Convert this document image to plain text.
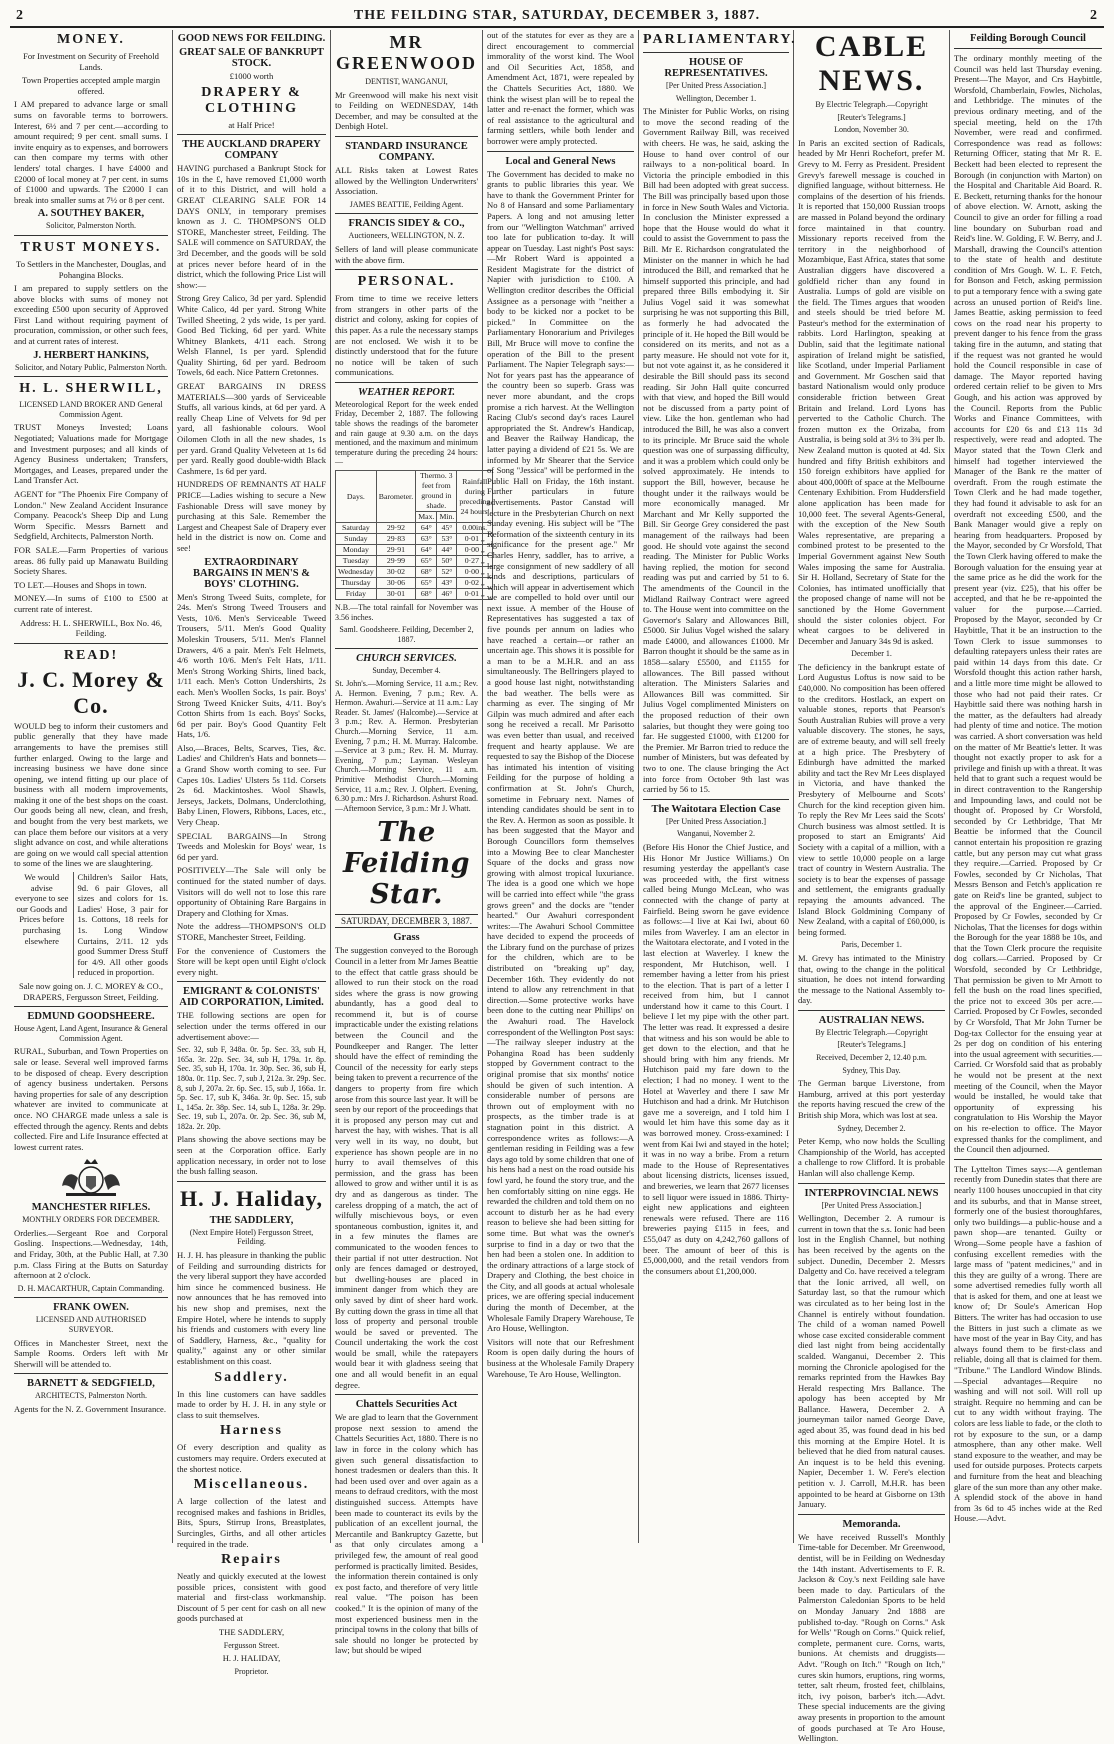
2	THE FEILDING STAR, SATURDAY, DECEMBER 3, 1887.	2
MONEY.

For Investment on Security of Freehold Lands.

Town Properties accepted ample margin offered.

I AM prepared to advance large or small sums on favorable terms to borrowers. Interest, 6½ and 7 per cent.—according to amount required; 9 per cent. small sums. I invite enquiry as to expenses, and borrowers can then compare my terms with other lenders' total charges. I have £4000 and £2000 of local money at 7 per cent. in sums of £1000 and upwards. The £2000 I can break into smaller sums at 7½ or 8 per cent.

A. SOUTHEY BAKER,

Solicitor, Palmerston North.

TRUST MONEYS.

To Settlers in the Manchester, Douglas, and Pohangina Blocks.

I am prepared to supply settlers on the above blocks with sums of money not exceeding £500 upon security of Approved First Land without requiring payment of procuration, commission, or other such fees, and at current rates of interest.

J. HERBERT HANKINS,

Solicitor, and Notary Public, Palmerston North.

H. L. SHERWILL,

LICENSED LAND BROKER AND General Commission Agent.

TRUST Moneys Invested; Loans Negotiated; Valuations made for Mortgage and Investment purposes; and all kinds of Agency Business undertaken; Transfers, Mortgages, and Leases, prepared under the Land Transfer Act.

AGENT for "The Phoenix Fire Company of London." New Zealand Accident Insurance Company. Peacock's Sheep Dip and Lung Worm Specific. Messrs Barnett and Sedgfield, Architects, Palmerston North.

FOR SALE.—Farm Properties of various areas. 86 fully paid up Manawatu Building Society Shares.

TO LET.—Houses and Shops in town.

MONEY.—In sums of £100 to £500 at current rate of interest.

Address: H. L. SHERWILL, Box No. 46, Feilding.

READ!
J. C. Morey & Co.

WOULD beg to inform their customers and public generally that they have made arrangements to have the premises still further enlarged. Owing to the large and increasing business we have done since opening, we intend fitting up our place of business with all modern improvements, making it one of the best shops on the coast. Our goods being all new, clean, and fresh, and bought from the very best markets, we can place them before our visitors at a very slight advance on cost, and while alterations are going on we would call special attention to some of the lines we are slaughtering.

We would advise everyone to see our Goods and Prices before purchasing elsewhere

Children's Sailor Hats, 9d. 6 pair Gloves, all sizes and colors for 1s. Ladies' Hose, 3 pair for 1s. Cottons, 18 reels for 1s. Long Window Curtains, 2/11. 12 yds good Summer Dress Stuff for 4/9. All other goods reduced in proportion.

Sale now going on. J. C. MOREY & CO., DRAPERS, Fergusson Street, Feilding.

EDMUND GOODSHEERE.

House Agent, Land Agent, Insurance & General Commission Agent.

RURAL, Suburban, and Town Properties on sale or lease. Several well improved farms to be disposed of cheap. Every description of agency business undertaken. Persons having properties for sale of any description whatever are invited to communicate at once. NO CHARGE made unless a sale is effected through the agency. Rents and debts collected. Fire and Life Insurance effected at lowest current rates.

MANCHESTER RIFLES.

MONTHLY ORDERS FOR DECEMBER.

Orderlies.—Sergeant Roe and Corporal Gosling. Inspections.—Wednesday, 14th, and Friday, 30th, at the Public Hall, at 7.30 p.m. Class Firing at the Butts on Saturday afternoon at 2 o'clock.

D. H. MACARTHUR, Captain Commanding.

FRANK OWEN.

LICENSED AND AUTHORISED SURVEYOR.

Offices in Manchester Street, next the Sample Rooms. Orders left with Mr Sherwill will be attended to.

BARNETT & SEDGFIELD,

ARCHITECTS, Palmerston North.

Agents for the N. Z. Government Insurance.

GOOD NEWS FOR FEILDING.
GREAT SALE OF BANKRUPT STOCK.

£1000 worth

DRAPERY & CLOTHING

at Half Price!

THE AUCKLAND DRAPERY COMPANY

HAVING purchased a Bankrupt Stock for 10s in the £, have removed £1,000 worth of it to this District, and will hold a GREAT CLEARING SALE FOR 14 DAYS ONLY, in temporary premises known as J. C. THOMPSON'S OLD STORE, Manchester street, Feilding. The SALE will commence on SATURDAY, the 3rd December, and the goods will be sold at prices never before heard of in the district, which the following Price List will show:—

Strong Grey Calico, 3d per yard. Splendid White Calico, 4d per yard. Strong White Twilled Sheeting, 2 yds wide, 1s per yard. Good Bed Ticking, 6d per yard. White Whitney Blankets, 4/11 each. Strong Welsh Flannel, 1s per yard. Splendid Quality Shirting, 6d per yard. Bedroom Towels, 6d each. Nice Pattern Cretonnes.

GREAT BARGAINS IN DRESS MATERIALS—300 yards of Serviceable Stuffs, all various kinds, at 6d per yard. A really Cheap Line of Velvets for 9d per yard, all fashionable colours. Wool Oilomen Cloth in all the new shades, 1s per yard. Grand Quality Velveteen at 1s 6d per yard. Really good double-width Black Cashmere, 1s 6d per yard.

HUNDREDS OF REMNANTS AT HALF PRICE—Ladies wishing to secure a New Fashionable Dress will save money by purchasing at this Sale. Remember the Largest and Cheapest Sale of Drapery ever held in the district is now on. Come and see!

EXTRAORDINARY BARGAINS IN MEN'S & BOYS' CLOTHING.

Men's Strong Tweed Suits, complete, for 24s. Men's Strong Tweed Trousers and Vests, 10/6. Men's Serviceable Tweed Trousers, 5/11. Men's Good Quality Moleskin Trousers, 5/11. Men's Flannel Drawers, 4/6 a pair. Men's Felt Helmets, 4/6 worth 10/6. Men's Felt Hats, 1/11. Men's Strong Working Shirts, lined back, 1/11 each. Men's Cotton Undershirts, 2s each. Men's Woollen Socks, 1s pair. Boys' Strong Tweed Knicker Suits, 4/11. Boy's Cotton Shirts from 1s each. Boys' Socks, 6d per pair. Boy's Good Quantity Felt Hats, 1/6.

Also,—Braces, Belts, Scarves, Ties, &c. Ladies' and Children's Hats and bonnets—a Grand Show worth coming to see. Fur Capes 10s. Ladies' Ulsters 5s 11d. Corsets 2s 6d. Mackintoshes. Wool Shawls, Jerseys, Jackets, Dolmans, Underclothing, Baby Linen, Flowers, Ribbons, Laces, etc., Very Cheap.

SPECIAL BARGAINS—In Strong Tweeds and Moleskin for Boys' wear, 1s 6d per yard.

POSITIVELY—The Sale will only be continued for the stated number of days. Visitors will do well not to lose this rare opportunity of Obtaining Rare Bargains in Drapery and Clothing for Xmas.

Note the address—THOMPSON'S OLD STORE, Manchester Street, Feilding.

For the convenience of Customers the Store will be kept open until Eight o'clock every night.

EMIGRANT & COLONISTS' AID CORPORATION, Limited.

THE following sections are open for selection under the terms offered in our advertisement above:—

Sec. 32, sub F, 348a. 0r. 5p. Sec. 33, sub H, 165a. 3r. 22p. Sec. 34, sub H, 179a. 1r. 8p. Sec. 35, sub H, 170a. 1r. 30p. Sec. 36, sub H, 180a. 0r. 11p. Sec. 7, sub J, 212a. 3r. 29p. Sec. 8, sub J, 207a. 2r. 6p. Sec. 15, sub J, 166a. 1r. 5p. Sec. 17, sub K, 346a. 3r. 0p. Sec. 15, sub L, 145a. 2r. 38p. Sec. 14, sub L, 128a. 3r. 29p. Sec. 19, sub L, 207a. 0r. 2p. Sec. 36, sub M, 182a. 2r. 20p.

Plans showing the above sections may be seen at the Corporation office. Early application necessary, in order not to lose the bush falling season.

H. J. Haliday,
THE SADDLERY,

(Next Empire Hotel) Fergusson Street, Feilding.

H. J. H. has pleasure in thanking the public of Feilding and surrounding districts for the very liberal support they have accorded him since he commenced business. He now announces that he has removed into his new shop and premises, next the Empire Hotel, where he intends to supply his friends and customers with every line of Saddlery, Harness, &c., "quality for quality," against any or other similar establishment on this coast.

Saddlery.

In this line customers can have saddles made to order by H. J. H. in any style or class to suit themselves.

Harness

Of every description and quality as customers may require. Orders executed at the shortest notice.

Miscellaneous.

A large collection of the latest and recognised makes and fashions in Bridles, Bits, Spurs, Stirrup Irons, Breastplates, Surcingles, Girths, and all other articles required in the trade.

Repairs

Neatly and quickly executed at the lowest possible prices, consistent with good material and first-class workmanship. Discount of 5 per cent for cash on all new goods purchased at

THE SADDLERY,

Fergusson Street.

H. J. HALIDAY,

Proprietor.

MR GREENWOOD

DENTIST, WANGANUI,

Mr Greenwood will make his next visit to Feilding on WEDNESDAY, 14th December, and may be consulted at the Denbigh Hotel.

STANDARD INSURANCE COMPANY.

ALL Risks taken at Lowest Rates allowed by the Wellington Underwriters' Association.

JAMES BEATTIE, Feilding Agent.

FRANCIS SIDEY & CO.,

Auctioneers, WELLINGTON, N. Z.

Sellers of land will please communicate with the above firm.

PERSONAL.

From time to time we receive letters from strangers in other parts of the district and colony, asking for copies of this paper. As a rule the necessary stamps are not enclosed. We wish it to be distinctly understood that for the future no notice will be taken of such communications.

WEATHER REPORT.

Meteorological Report for the week ended Friday, December 2, 1887. The following table shows the readings of the barometer and rain gauge at 9.30 a.m. on the days mentioned, and the maximum and minimum temperature during the preceding 24 hours:—

Days.	Barometer.	Thermo. 3 feet from ground in shade.		Rainfall during preceding 24 hours'
		Max.	Min.	
Saturday	29·92	64°	45°	0.00ins.
Sunday	29·83	63°	53°	0·01 ,,
Monday	29·91	64°	44°	0·00 ,,
Tuesday	29·99	65°	50°	0·27 ,,
Wednesday	30·02	68°	52°	0·00 ,,
Thursday	30·06	65°	43°	0·02 ,,
Friday	30·01	68°	46°	0·01 ,,

N.B.—The total rainfall for November was 3.56 inches.

Saml. Goodsheere. Feilding, December 2, 1887.

CHURCH SERVICES.

Sunday, December 4.

St. John's.—Morning Service, 11 a.m.; Rev. A. Hermon. Evening, 7 p.m.; Rev. A. Hermon. Awahuri.—Service at 11 a.m.: Lay Reader. St. James' (Halcombe).—Service at 3 p.m.; Rev. A. Hermon. Presbyterian Church.—Morning Service, 11 a.m. Evening, 7 p.m.; H. M. Murray. Halcombe.—Service at 3 p.m.; Rev. H. M. Murray. Evening, 7 p.m.; Layman. Wesleyan Church.—Morning Service, 11 a.m. Primitive Methodist Church.—Morning Service, 11 a.m.; Rev. J. Olphert. Evening, 6.30 p.m.: Mrs J. Richardson. Ashurst Road.—Afternoon Service, 3 p.m.: Mr J. Whatt.

The Feilding Star.
SATURDAY, DECEMBER 3, 1887.
Grass

The suggestion conveyed to the Borough Council in a letter from Mr James Beattie to the effect that cattle grass should be allowed to run their stock on the road sides where the grass is now growing abundantly, has a good deal to recommend it, but is of course impracticable under the existing relations between the Council and the Poundkeeper and Ranger. The letter should have the effect of reminding the Council of the necessity for early steps being taken to prevent a recurrence of the dangers to property from fire which arose from this source last year. It will be seen by our report of the proceedings that it is proposed any person may cut and harvest the hay, with wishes. That is all very well in its way, no doubt, but experience has shown people are in no hurry to avail themselves of this permission, and the grass has been allowed to grow and wither until it is as dry and as dangerous as tinder. The careless dropping of a match, the act of wilfully mischievous boys, or even spontaneous combustion, ignites it, and in a few minutes the flames are communicated to the wooden fences to their partial if not utter destruction. Not only are fences damaged or destroyed, but dwelling-houses are placed in imminent danger from which they are only saved by dint of sheer hard work. By cutting down the grass in time all that loss of property and personal trouble would be saved or prevented. The Council undertaking the work the cost would be small, while the ratepayers would bear it with gladness seeing that one and all would benefit in an equal degree.

Chattels Securities Act

We are glad to learn that the Government propose next session to amend the Chattels Securities Act, 1880. There is no law in force in the colony which has given such general dissatisfaction to honest tradesmen or dealers than this. It had been used over and over again as a means to defraud creditors, with the most distinguished success. Attempts have been made to counteract its evils by the publication of an excellent journal, the Mercantile and Bankruptcy Gazette, but as that only circulates among a privileged few, the amount of real good performed is practically limited. Besides, the information therein contained is only ex post facto, and therefore of very little real value. "The poison has been cooked." It is the opinion of many of the most experienced business men in the principal towns in the colony that bills of sale should no longer be protected by law; but should be wiped

out of the statutes for ever as they are a direct encouragement to commercial immorality of the worst kind. The Wool and Oil Securities Act, 1858, and Amendment Act, 1871, were repealed by the Chattels Securities Act, 1880. We think the wisest plan will be to repeal the latter and re-enact the former, which was of real assistance to the agricultural and farming settlers, while both lender and borrower were amply protected.

Local and General News

The Government has decided to make no grants to public libraries this year. We have to thank the Government Printer for No 8 of Hansard and some Parliamentary Papers. A long and not amusing letter from our "Wellington Watchman" arrived too late for publication to-day. It will appear on Tuesday. Last night's Post says:—Mr Robert Ward is appointed a Resident Magistrate for the district of Napier with jurisdiction to £100. A Wellington creditor describes the Official Assignee as a personage with "neither a body to be kicked nor a pocket to be picked." In Committee on the Parliamentary Honorarium and Privileges Bill, Mr Bruce will move to confine the operation of the Bill to the present Parliament. The Napier Telegraph says:—Not for years past has the appearance of the country been so superb. Grass was never more abundant, and the crops promise a rich harvest. At the Wellington Racing Club's second day's races Laurel appropriated the St. Andrew's Handicap, and Beaver the Railway Handicap, the latter paying a dividend of £21 5s. We are informed by Mr Shearer that the Service of Song "Jessica" will be performed in the Public Hall on Friday, the 16th instant. Further particulars in future advertisements. Pastor Canstad will lecture in the Presbyterian Church on next Sunday evening. His subject will be "The Reformation of the sixteenth century in its significance for the present age." Mr Charles Henry, saddler, has to arrive, a large consignment of new saddlery of all kinds and descriptions, particulars of which will appear in advertisement which we are compelled to hold over until our next issue. A member of the House of Representatives has suggested a tax of five pounds per annum on ladies who have reached a certain—or rather an uncertain age. This shows it is possible for a man to be a M.H.R. and an ass simultaneously. The Bellringers played to a good house last night, notwithstanding the bad weather. The bells were as charming as ever. The singing of Mr Gilpin was much admired and after each song he received a recall. Mr Parisotto was even better than usual, and received frequent and hearty applause. We are requested to say the Bishop of the Diocese has intimated his intention of visiting Feilding for the purpose of holding a confirmation at St. John's Church, sometime in February next. Names of intending candidates should be sent in to the Rev. A. Hermon as soon as possible. It has been suggested that the Mayor and Borough Councillors form themselves into a Mowing Bee to clear Manchester Square of the docks and grass now growing with almost tropical luxuriance. The idea is a good one which we hope will be carried into effect while "the grass grows green" and the docks are "tender hearted." Our Awahuri correspondent writes:—The Awahuri School Committee have decided to expend the proceeds of the Library fund on the purchase of prizes for the children, which are to be distributed on "breaking up" day, December 16th. They evidently do not intend to allow any retrenchment in that direction.—Some protective works have been done to the cutting near Phillips' on the Awahuri road. The Havelock correspondent of the Wellington Post says:—The railway sleeper industry at the Pohangina Road has been suddenly stopped by Government contract to the original promise that six months' notice should be given of such intention. A considerable number of persons are thrown out of employment with no prospects, as the timber trade is at stagnation point in this district. A correspondence writes as follows:—A gentleman residing in Feilding was a few days ago told by some children that one of his hens had a nest on the road outside his fowl yard, he found the story true, and the hen comfortably sitting on nine eggs. He rewarded the children and told them on no account to disturb her as he had every reason to believe she had been sitting for some time. But what was the owner's surprise to find in a day or two that the hen had been a stolen one. In addition to the ordinary attractions of a large stock of Drapery and Clothing, the best choice in the City, and all goods at actual wholesale prices, we are offering special inducement during the month of December, at the Wholesale Family Drapery Warehouse, Te Aro House, Wellington.

Visitors will note that our Refreshment Room is open daily during the hours of business at the Wholesale Family Drapery Warehouse, Te Aro House, Wellington.

PARLIAMENTARY.
HOUSE OF REPRESENTATIVES.

[Per United Press Association.]

Wellington, December 1.

The Minister for Public Works, on rising to move the second reading of the Government Railway Bill, was received with cheers. He was, he said, asking the House to hand over control of our railways to a non-political board. In Victoria the principle embodied in this Bill had been adopted with great success. The Bill was principally based upon those in force in New South Wales and Victoria. In conclusion the Minister expressed a hope that the House would do what it could to assist the Government to pass the Bill. Mr E. Richardson congratulated the Minister on the manner in which he had introduced the Bill, and remarked that he himself supported this principle, and had prepared three Bills embodying it. Sir Julius Vogel said it was somewhat surprising he was not supporting this Bill, as formerly he had advocated the principle of it. He hoped the Bill would be considered on its merits, and not as a party measure. He should not vote for it, but not vote against it, as he considered it desirable the Bill should pass its second reading. Sir John Hall quite concurred with that view, and hoped the Bill would not be discussed from a party point of view. Like the hon. gentleman who had introduced the Bill, he was also a convert to its principle. Mr Bruce said the whole question was one of surpassing difficulty, and it was a problem which could only be solved approximately. He intends to support the Bill, however, because he thought under it the railways would be more economically managed. Mr Marchant and Mr Kelly supported the Bill. Sir George Grey considered the past management of the railways had been good. He should vote against the second reading. The Minister for Public Works having replied, the motion for second reading was put and carried by 51 to 6. The amendments of the Council in the Midland Railway Contract were agreed to. The House went into committee on the Governor's Salary and Allowances Bill, £5000. Sir Julius Vogel wished the salary made £4000, and allowances £1000. Mr Barron thought it should be the same as in 1858—salary £5500, and £1155 for allowances. The Bill passed without alteration. The Ministers Salaries and Allowances Bill was committed. Sir Julius Vogel complimented Ministers on the proposed reduction of their own salaries, but thought they were going too far. He suggested £1000, with £1200 for the Premier. Mr Barron tried to reduce the number of Ministers, but was defeated by two to one. The clause bringing the Act into force from October 9th last was carried by 56 to 15.

The Waitotara Election Case

[Per United Press Association.]

Wanganui, November 2.

(Before His Honor the Chief Justice, and His Honor Mr Justice Williams.) On resuming yesterday the appellant's case was proceeded with, the first witness called being Mungo McLean, who was connected with the change of party at Fairfield. Being sworn he gave evidence as follows:—I live at Kai Iwi, about 60 miles from Waverley. I am an elector in the Waitotara electorate, and I voted in the last election at Waverley. I knew the respondent, Mr Hutchison, well. I remember having a letter from his priest to the election. That is part of a letter I received from him, but I cannot understand how it came to this Court. I believe I let my pipe with the other part. The letter was read. It expressed a desire that witness and his son would be able to get down to the election, and that he should bring with him any friends. Mr Hutchison paid my fare down to the election; I had no money. I went to the Hotel at Waverley and there I saw Mr Hutchison and had a drink. Mr Hutchison gave me a sovereign, and I told him I would let him have this some day as it was borrowed money. Cross-examined: I went from Kai Iwi and stayed in the hotel; it was in no way a bribe. From a return made to the House of Representatives about licensing districts, licenses issued, and breweries, we learn that 2677 licenses to sell liquor were issued in 1886. Thirty-eight new applications and eighteen renewals were refused. There are 116 breweries paying £115 in fees, and £55,047 as duty on 4,242,760 gallons of beer. The amount of beer of this is £5,000,000, and the retail vendors from the consumers about £1,200,000.

CABLE NEWS.

By Electric Telegraph.—Copyright

[Reuter's Telegrams.]

London, November 30.

In Paris an excited section of Radicals, headed by Mr Henri Rochefort, prefer M. Grevy to M. Ferry as President. President Grevy's farewell message is couched in dignified language, without bitterness. He complains of the desertion of his friends. It is reported that 150,000 Russian troops are massed in Poland beyond the ordinary force maintained in that country. Missionary reports received from the territory in the neighborhood of Mozambique, East Africa, states that some Australian diggers have discovered a goldfield richer than any found in Australia. Lumps of gold are visible on the field. The Times argues that wooden and steels should be tried before M. Pasteur's method for the extermination of rabbits. Lord Harlington, speaking at Dublin, said that the legitimate national aspiration of Ireland might be satisfied, like Scotland, under Imperial Parliament and Government. Mr Goschen said that bastard Nationalism would only produce considerable friction between Great Britain and Ireland. Lord Lyons has perverted to the Catholic Church. The frozen mutton ex the Orizaba, from Australia, is being sold at 3½ to 3¾ per lb. New Zealand mutton is quoted at 4d. Six hundred and fifty British exhibitors and 150 foreign exhibitors have applied for about 400,000ft of space at the Melbourne Centenary Exhibition. From Huddersfield alone application has been made for 10,000 feet. The several Agents-General, with the exception of the New South Wales representative, are preparing a combined protest to be presented to the Imperial Government against New South Wales imposing the same for Australia. Sir H. Holland, Secretary of State for the Colonies, has intimated unofficially that the proposed change of name will not be sanctioned by the Home Government should the sister colonies object. For wheat cargoes to be delivered in December and January 34s 9d is asked.

December 1.

The deficiency in the bankrupt estate of Lord Augustus Loftus is now said to be £40,000. No composition has been offered to the creditors. Hostlack, an expert on valuable stones, reports that Pearson's South Australian Rubies will prove a very valuable discovery. The stones, he says, are of extreme beauty, and will sell freely at a high price. The Presbytery of Edinburgh have admitted the marked ability and tact the Rev Mr Lees displayed in Victoria, and have thanked the Presbytery of Melbourne and Scots' Church for the kind reception given him. To reply the Rev Mr Lees said the Scots' Church business was almost settled. It is proposed to start an Emigrants' Aid Society with a capital of a million, with a view to settle 10,000 people on a large tract of country in Western Australia. The society is to bear the expenses of passage and settlement, the emigrants gradually repaying the amounts advanced. The Island Block Goldmining Company of New Zealand, with a capital of £60,000, is being formed.

Paris, December 1.

M. Grevy has intimated to the Ministry that, owing to the change in the political situation, he does not intend forwarding the message to the National Assembly to-day.

AUSTRALIAN NEWS.

By Electric Telegraph.—Copyright

[Reuter's Telegrams.]

Received, December 2, 12.40 p.m.

Sydney, This Day.

The German barque Liverstone, from Hamburg, arrived at this port yesterday the reports having rescued the crew of the British ship Mora, which was lost at sea.

Sydney, December 2.

Peter Kemp, who now holds the Sculling Championship of the World, has accepted a challenge to row Clifford. It is probable Hanlan will also challenge Kemp.

INTERPROVINCIAL NEWS

[Per United Press Association.]

Wellington, December 2. A rumour is current in town that the s.s. Ionic had been lost in the English Channel, but nothing has been received by the agents on the subject. Dunedin, December 2. Messrs Dalgetty and Co. have received a telegram that the Ionic arrived, all well, on Saturday last, so that the rumour which was circulated as to her being lost in the Channel is entirely without foundation. The child of a woman named Powell whose case excited considerable comment died last night from being accidentally scalded. Wanganui, December 2. This morning the Chronicle apologised for the remarks reprinted from the Hawkes Bay Herald respecting Mrs Ballance. The apology has been accepted by Mr Ballance. Hawera, December 2. A journeyman tailor named George Dave, aged about 35, was found dead in his bed this morning at the Empire Hotel. It is believed that he died from natural causes. An inquest is to be held this evening. Napier, December 1. W. Fere's election petition v. J. Carroll, M.H.R. has been appointed to be heard at Gisborne on 13th January.

Memoranda.

We have received Russell's Monthly Time-table for December. Mr Greenwood, dentist, will be in Feilding on Wednesday the 14th instant. Advertisements to F. R. Jackson & Coy.'s next Feilding sale have been made to day. Particulars of the Palmerston Caledonian Sports to be held on Monday January 2nd 1888 are published to-day. "Rough on Corns." Ask for Wells' "Rough on Corns." Quick relief, complete, permanent cure. Corns, warts, bunions. At chemists and druggists—Advt. "Rough on Itch." "Rough on Itch," cures skin humors, eruptions, ring worms, tetter, salt rheum, frosted feet, chilblains, itch, ivy poison, barber's itch.—Advt. These special inducements are the giving away presents in proportion to the amount of goods purchased at Te Aro House, Wellington.

Feilding Borough Council

The ordinary monthly meeting of the Council was held last Thursday evening. Present—The Mayor, and Crs Haybittle, Worsfold, Chamberlain, Fowles, Nicholas, and Lethbridge. The minutes of the previous ordinary meeting, and of the special meeting, held on the 17th November, were read and confirmed. Correspondence was read as follows: Returning Officer, stating that Mr R. E. Beckett had been elected to represent the Borough (in conjunction with Marton) on the Hospital and Charitable Aid Board. R. E. Beckett, returning thanks for the honour of above election. W. Arnott, asking the Council to give an order for filling a road line boundary on Suburban road and Reid's line. W. Golding, F. W. Berry, and J. Marshall, drawing the Council's attention to the state of health and destitute condition of Mrs Gough. W. L. F. Fetch, for Bonson and Fetch, asking permission to put a temporary fence with a swing gate across an unused portion of Reid's line. James Beattie, asking permission to feed cows on the road near his property to prevent danger to his fence from the grass taking fire in the autumn, and stating that if the request was not granted he would hold the Council responsible in case of damage. The Mayor reported having ordered certain relief to be given to Mrs Gough, and his action was approved by the Council. Reports from the Public Works and Finance Committees, with accounts for £20 6s and £13 11s 3d respectively, were read and adopted. The Mayor stated that the Town Clerk and himself had together interviewed the Manager of the Bank re the matter of overdraft. From the rough estimate the Town Clerk and he had made together, they had found it advisable to ask for an overdraft not exceeding £500, and the Bank Manager would give a reply on hearing from headquarters. Proposed by the Mayor, seconded by Cr Worsfold, That the Town Clerk having offered to make the Borough valuation for the ensuing year at the same price as he did the work for the present year (viz. £25), that his offer be accepted, and that he be re-appointed the valuer for the purpose.—Carried. Proposed by the Mayor, seconded by Cr Haybittle, That it be an instruction to the Town Clerk to issue summonses to defaulting ratepayers unless their rates are paid within 14 days from this date. Cr Worsfold thought this action rather harsh, and a little more time might be allowed to those who had not paid their rates. Cr Haybittle said there was nothing harsh in the matter, as the defaulters had already had plenty of time and notice. The motion was carried. A short conversation was held on the matter of Mr Beattie's letter. It was thought not exactly proper to ask for a privilege and finish up with a threat. It was held that to grant such a request would be in direct contravention to the Rangership and Impounding laws, and could not be thought of. Proposed by Cr Worsfold, seconded by Cr Lethbridge, That Mr Beattie be informed that the Council cannot entertain his proposition re grazing cattle, but any person may cut what grass they require.—Carried. Proposed by Cr Fowles, seconded by Cr Nicholas, That Messrs Benson and Fetch's application re gate on Reid's line be granted, subject to the approval of the Engineer.—Carried. Proposed by Cr Fowles, seconded by Cr Nicholas, That the licenses for dogs within the Borough for the year 1888 be 10s, and that the Town Clerk procure the requisite dog collars.—Carried. Proposed by Cr Worsfold, seconded by Cr Lethbridge, That permission be given to Mr Arnott to fell the bush on the road lines specified, the price not to exceed 30s per acre.—Carried. Proposed by Cr Fowles, seconded by Cr Worsfold, That Mr John Turner be Dog-tax Collector for the ensuing year at 2s per dog on condition of his entering into the usual agreement with securities.—Carried. Cr Worsfold said that as probably he would not be present at the next meeting of the Council, when the Mayor would be installed, he would take that opportunity of expressing his congratulation to His Worship the Mayor on his re-election to office. The Mayor expressed thanks for the compliment, and the Council then adjourned.

The Lyttelton Times says:—A gentleman recently from Dunedin states that there are nearly 1100 houses unoccupied in that city and its suburbs, and that in Manse street, formerly one of the busiest thoroughfares, only two buildings—a public-house and a pawn shop—are tenanted. Guilty or Wrong—Some people have a fashion of confusing excellent remedies with the large mass of "patent medicines," and in this they are guilty of a wrong. There are some advertised remedies fully worth all that is asked for them, and one at least we know of; Dr Soule's American Hop Bitters. The writer has had occasion to use the Bitters in just such a climate as we have most of the year in Bay City, and has always found them to be first-class and reliable, doing all that is claimed for them. "Tribune." The Landlord Window Blinds.—Special advantages—Require no washing and will not soil. Will roll up straight. Require no hemming and can be cut to any width without fraying. The colors are less liable to fade, or the cloth to rot by exposure to the sun, or a damp atmosphere, than any other make. Well stand exposure to the weather, and may be used for outside purposes. Protects carpets and furniture from the heat and bleaching glare of the sun more than any other make. A splendid stock of the above in hand from 3s 6d to 45 inches wide at the Red House.—Advt.
